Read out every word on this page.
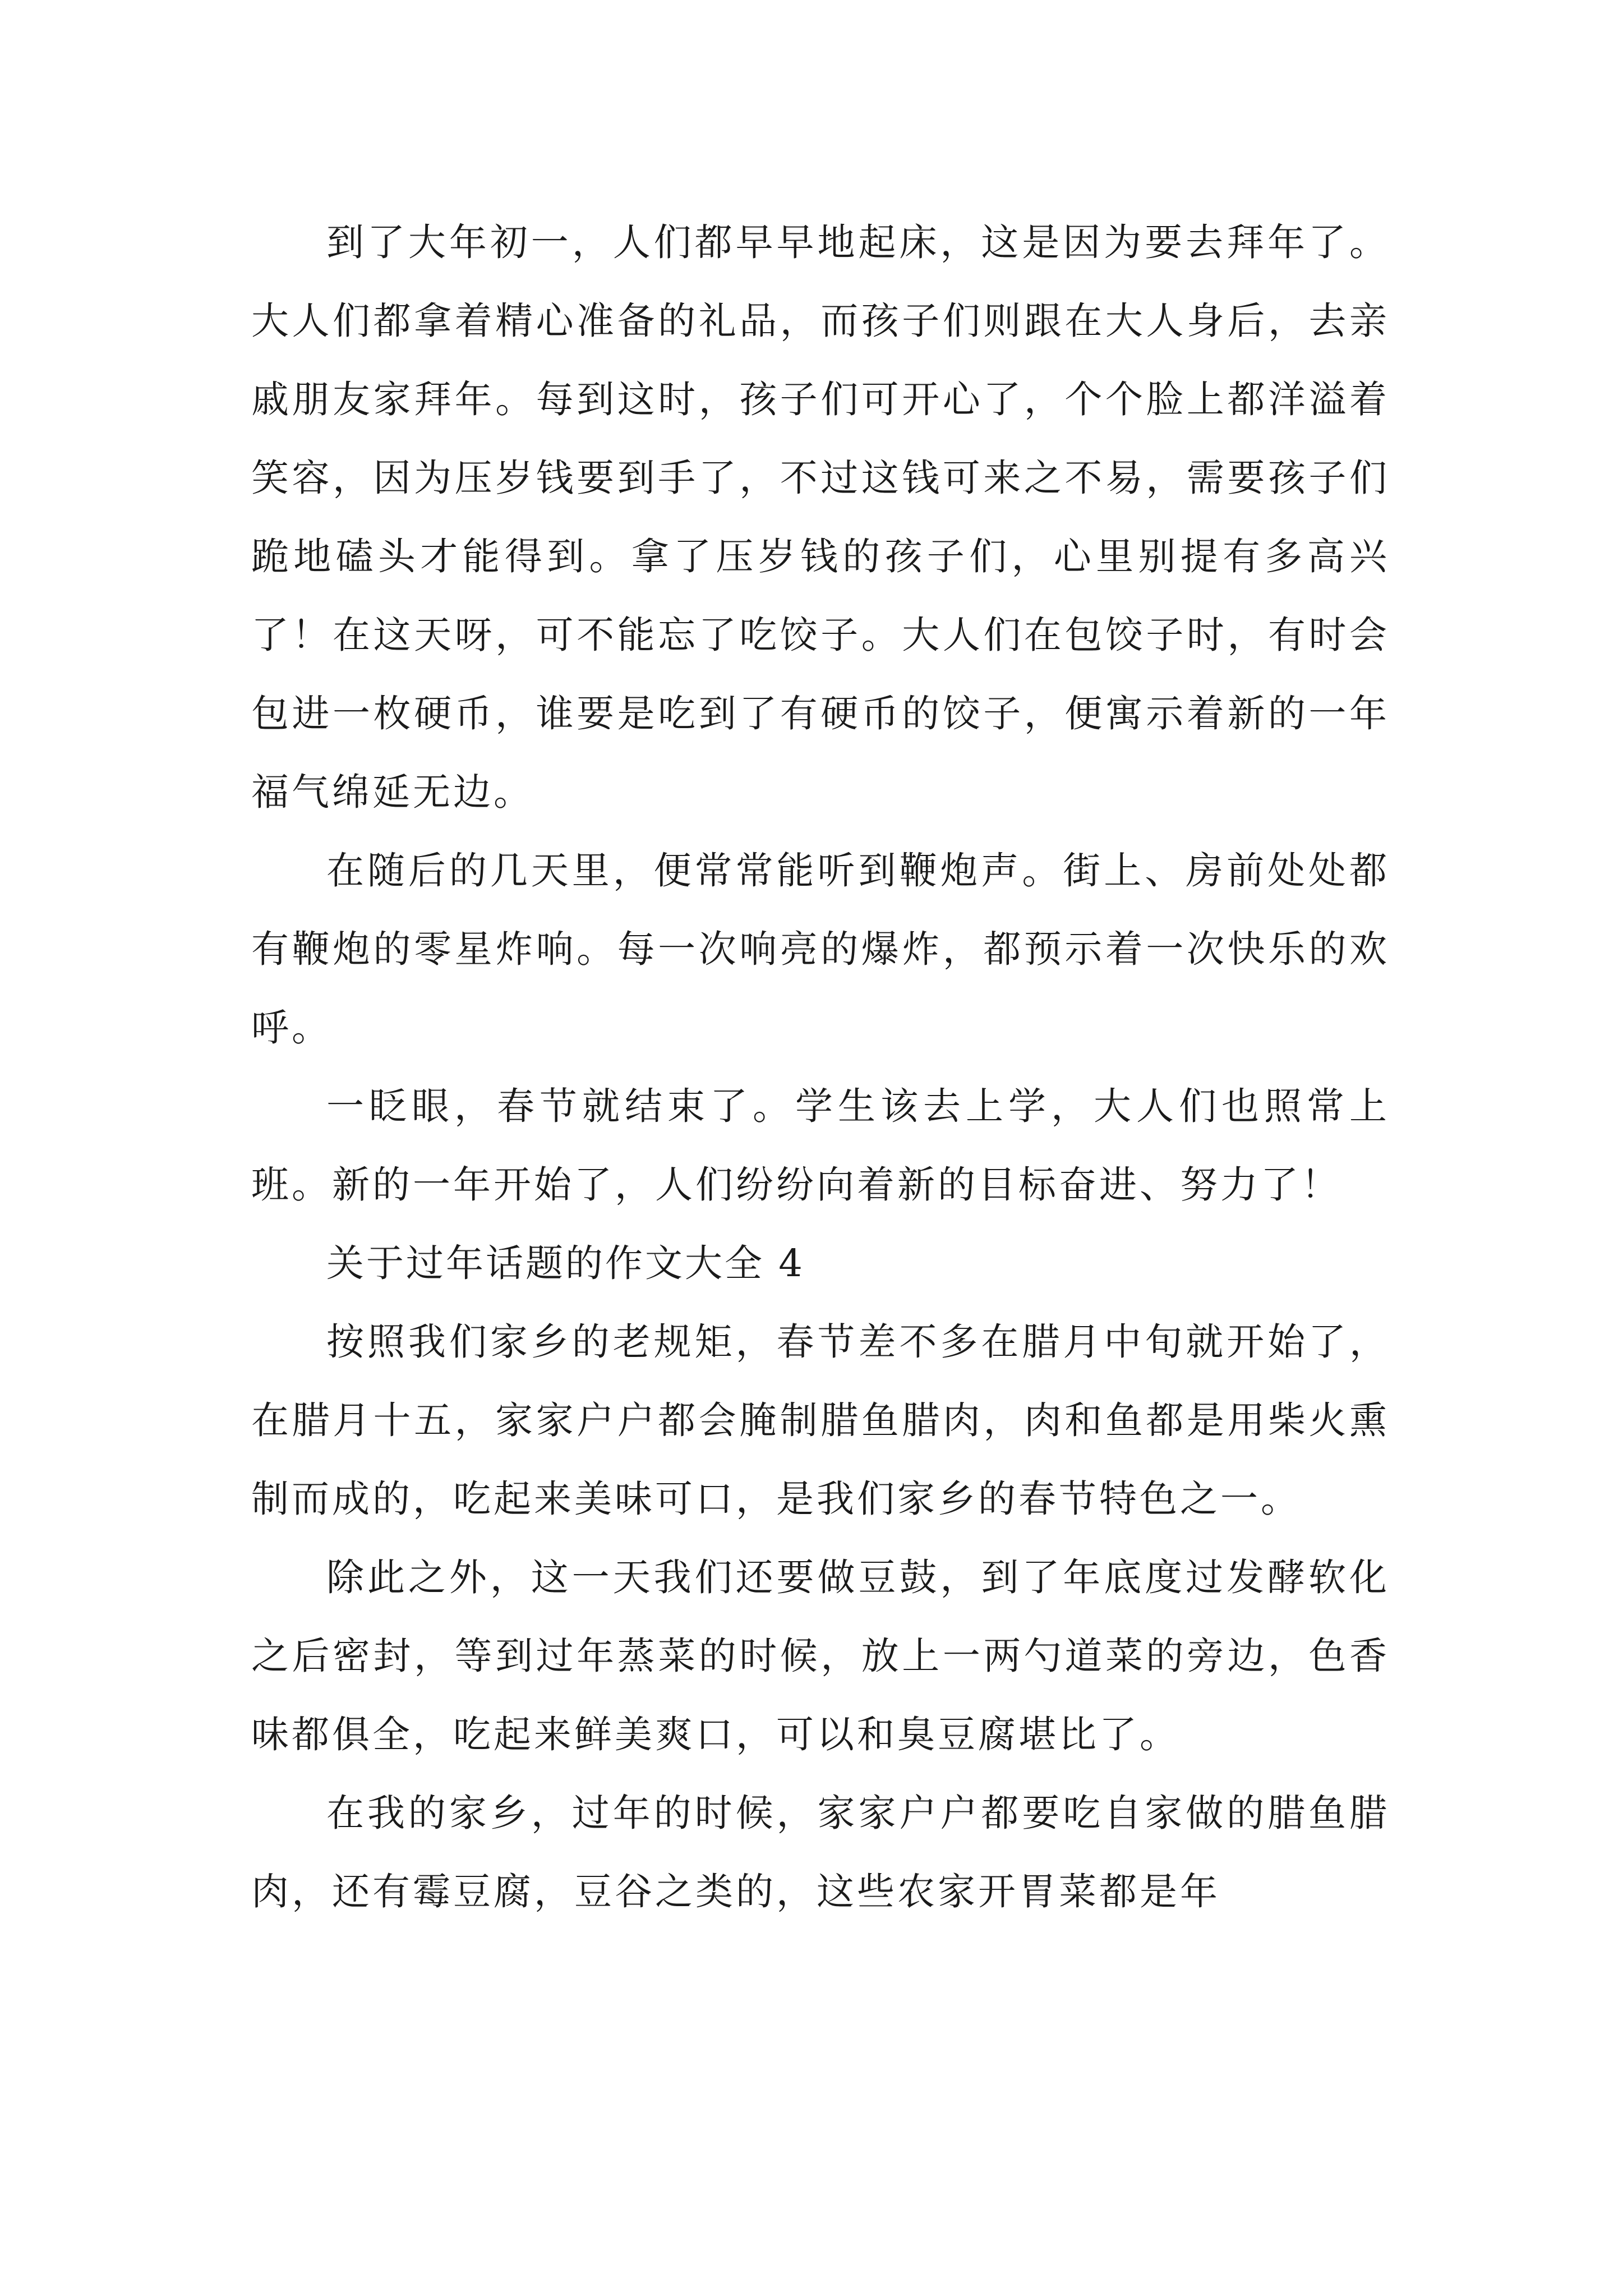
到了大年初一，人们都早早地起床，这是因为要去拜年了。大人们都拿着精心准备的礼品，而孩子们则跟在大人身后，去亲戚朋友家拜年。每到这时，孩子们可开心了，个个脸上都洋溢着笑容，因为压岁钱要到手了，不过这钱可来之不易，需要孩子们跪地磕头才能得到。拿了压岁钱的孩子们，心里别提有多高兴了！在这天呀，可不能忘了吃饺子。大人们在包饺子时，有时会包进一枚硬币，谁要是吃到了有硬币的饺子，便寓示着新的一年福气绵延无边。

在随后的几天里，便常常能听到鞭炮声。街上、房前处处都有鞭炮的零星炸响。每一次响亮的爆炸，都预示着一次快乐的欢呼。

一眨眼，春节就结束了。学生该去上学，大人们也照常上班。新的一年开始了，人们纷纷向着新的目标奋进、努力了！

关于过年话题的作文大全 4

按照我们家乡的老规矩，春节差不多在腊月中旬就开始了，在腊月十五，家家户户都会腌制腊鱼腊肉，肉和鱼都是用柴火熏制而成的，吃起来美味可口，是我们家乡的春节特色之一。

除此之外，这一天我们还要做豆鼓，到了年底度过发酵软化之后密封，等到过年蒸菜的时候，放上一两勺道菜的旁边，色香味都俱全，吃起来鲜美爽口，可以和臭豆腐堪比了。

在我的家乡，过年的时候，家家户户都要吃自家做的腊鱼腊肉，还有霉豆腐，豆谷之类的，这些农家开胃菜都是年
